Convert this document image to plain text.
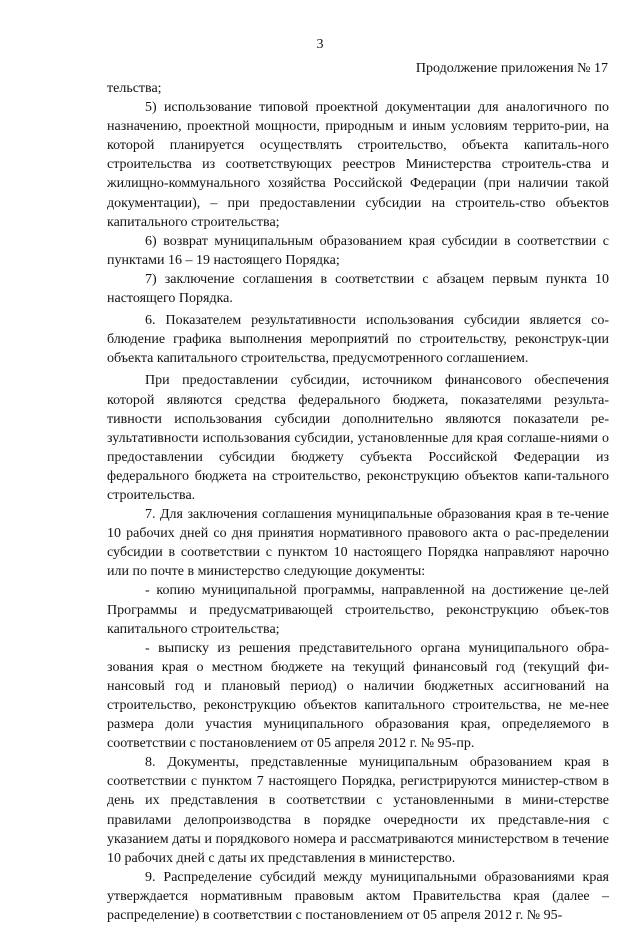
3
Продолжение приложения № 17

тельства;

5) использование типовой проектной документации для аналогичного по назначению, проектной мощности, природным и иным условиям террито-рии, на которой планируется осуществлять строительство, объекта капиталь-ного строительства из соответствующих реестров Министерства строитель-ства и жилищно-коммунального хозяйства Российской Федерации (при наличии такой документации), – при предоставлении субсидии на строитель-ство объектов капитального строительства;

6) возврат муниципальным образованием края субсидии в соответствии с пунктами 16 – 19 настоящего Порядка;

7) заключение соглашения в соответствии с абзацем первым пункта 10 настоящего Порядка.

6. Показателем результативности использования субсидии является со-блюдение графика выполнения мероприятий по строительству, реконструк-ции объекта капитального строительства, предусмотренного соглашением.

При предоставлении субсидии, источником финансового обеспечения которой являются средства федерального бюджета, показателями результа-тивности использования субсидии дополнительно являются показатели ре-зультативности использования субсидии, установленные для края соглаше-ниями о предоставлении субсидии бюджету субъекта Российской Федерации из федерального бюджета на строительство, реконструкцию объектов капи-тального строительства.

7. Для заключения соглашения муниципальные образования края в те-чение 10 рабочих дней со дня принятия нормативного правового акта о рас-пределении субсидии в соответствии с пунктом 10 настоящего Порядка направляют нарочно или по почте в министерство следующие документы:

- копию муниципальной программы, направленной на достижение це-лей Программы и предусматривающей строительство, реконструкцию объек-тов капитального строительства;

- выписку из решения представительного органа муниципального обра-зования края о местном бюджете на текущий финансовый год (текущий фи-нансовый год и плановый период) о наличии бюджетных ассигнований на строительство, реконструкцию объектов капитального строительства, не ме-нее размера доли участия муниципального образования края, определяемого в соответствии с постановлением от 05 апреля 2012 г. № 95-пр.

8. Документы, представленные муниципальным образованием края в соответствии с пунктом 7 настоящего Порядка, регистрируются министер-ством в день их представления в соответствии с установленными в мини-стерстве правилами делопроизводства в порядке очередности их представле-ния с указанием даты и порядкового номера и рассматриваются министерством в течение 10 рабочих дней с даты их представления в министерство.

9. Распределение субсидий между муниципальными образованиями края утверждается нормативным правовым актом Правительства края (далее – распределение) в соответствии с постановлением от 05 апреля 2012 г. № 95-
